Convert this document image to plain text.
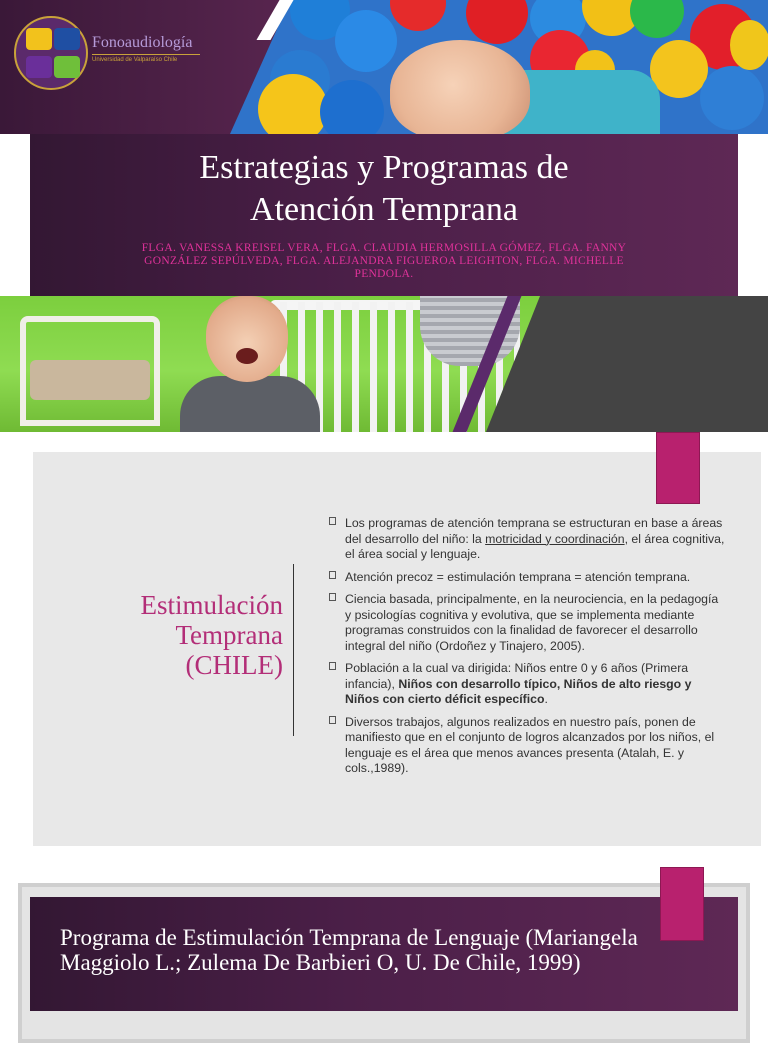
Fonoaudiología
Universidad de Valparaíso Chile
Estrategias y Programas de
Atención Temprana
FLGA. VANESSA KREISEL VERA, FLGA. CLAUDIA HERMOSILLA GÓMEZ, FLGA. FANNY GONZÁLEZ SEPÚLVEDA, FLGA. ALEJANDRA FIGUEROA LEIGHTON, FLGA. MICHELLE PENDOLA.
Estimulación
Temprana
(CHILE)
Los programas de atención temprana se estructuran en base a áreas del desarrollo del niño: la motricidad y coordinación, el área cognitiva, el área social y lenguaje.
Atención precoz = estimulación temprana = atención temprana.
Ciencia basada, principalmente, en la neurociencia, en la pedagogía y psicologías cognitiva y evolutiva, que se implementa mediante programas construidos con la finalidad de favorecer el desarrollo integral del niño (Ordoñez y Tinajero, 2005).
Población a la cual va dirigida: Niños entre 0 y 6 años (Primera infancia), Niños con desarrollo típico, Niños de alto riesgo y Niños con cierto déficit específico.
Diversos trabajos, algunos realizados en nuestro país, ponen de manifiesto que en el conjunto de logros alcanzados por los niños, el lenguaje es el área que menos avances presenta (Atalah, E. y cols.,1989).
Programa de Estimulación Temprana de Lenguaje (Mariangela Maggiolo L.; Zulema De Barbieri O, U. De Chile, 1999)
